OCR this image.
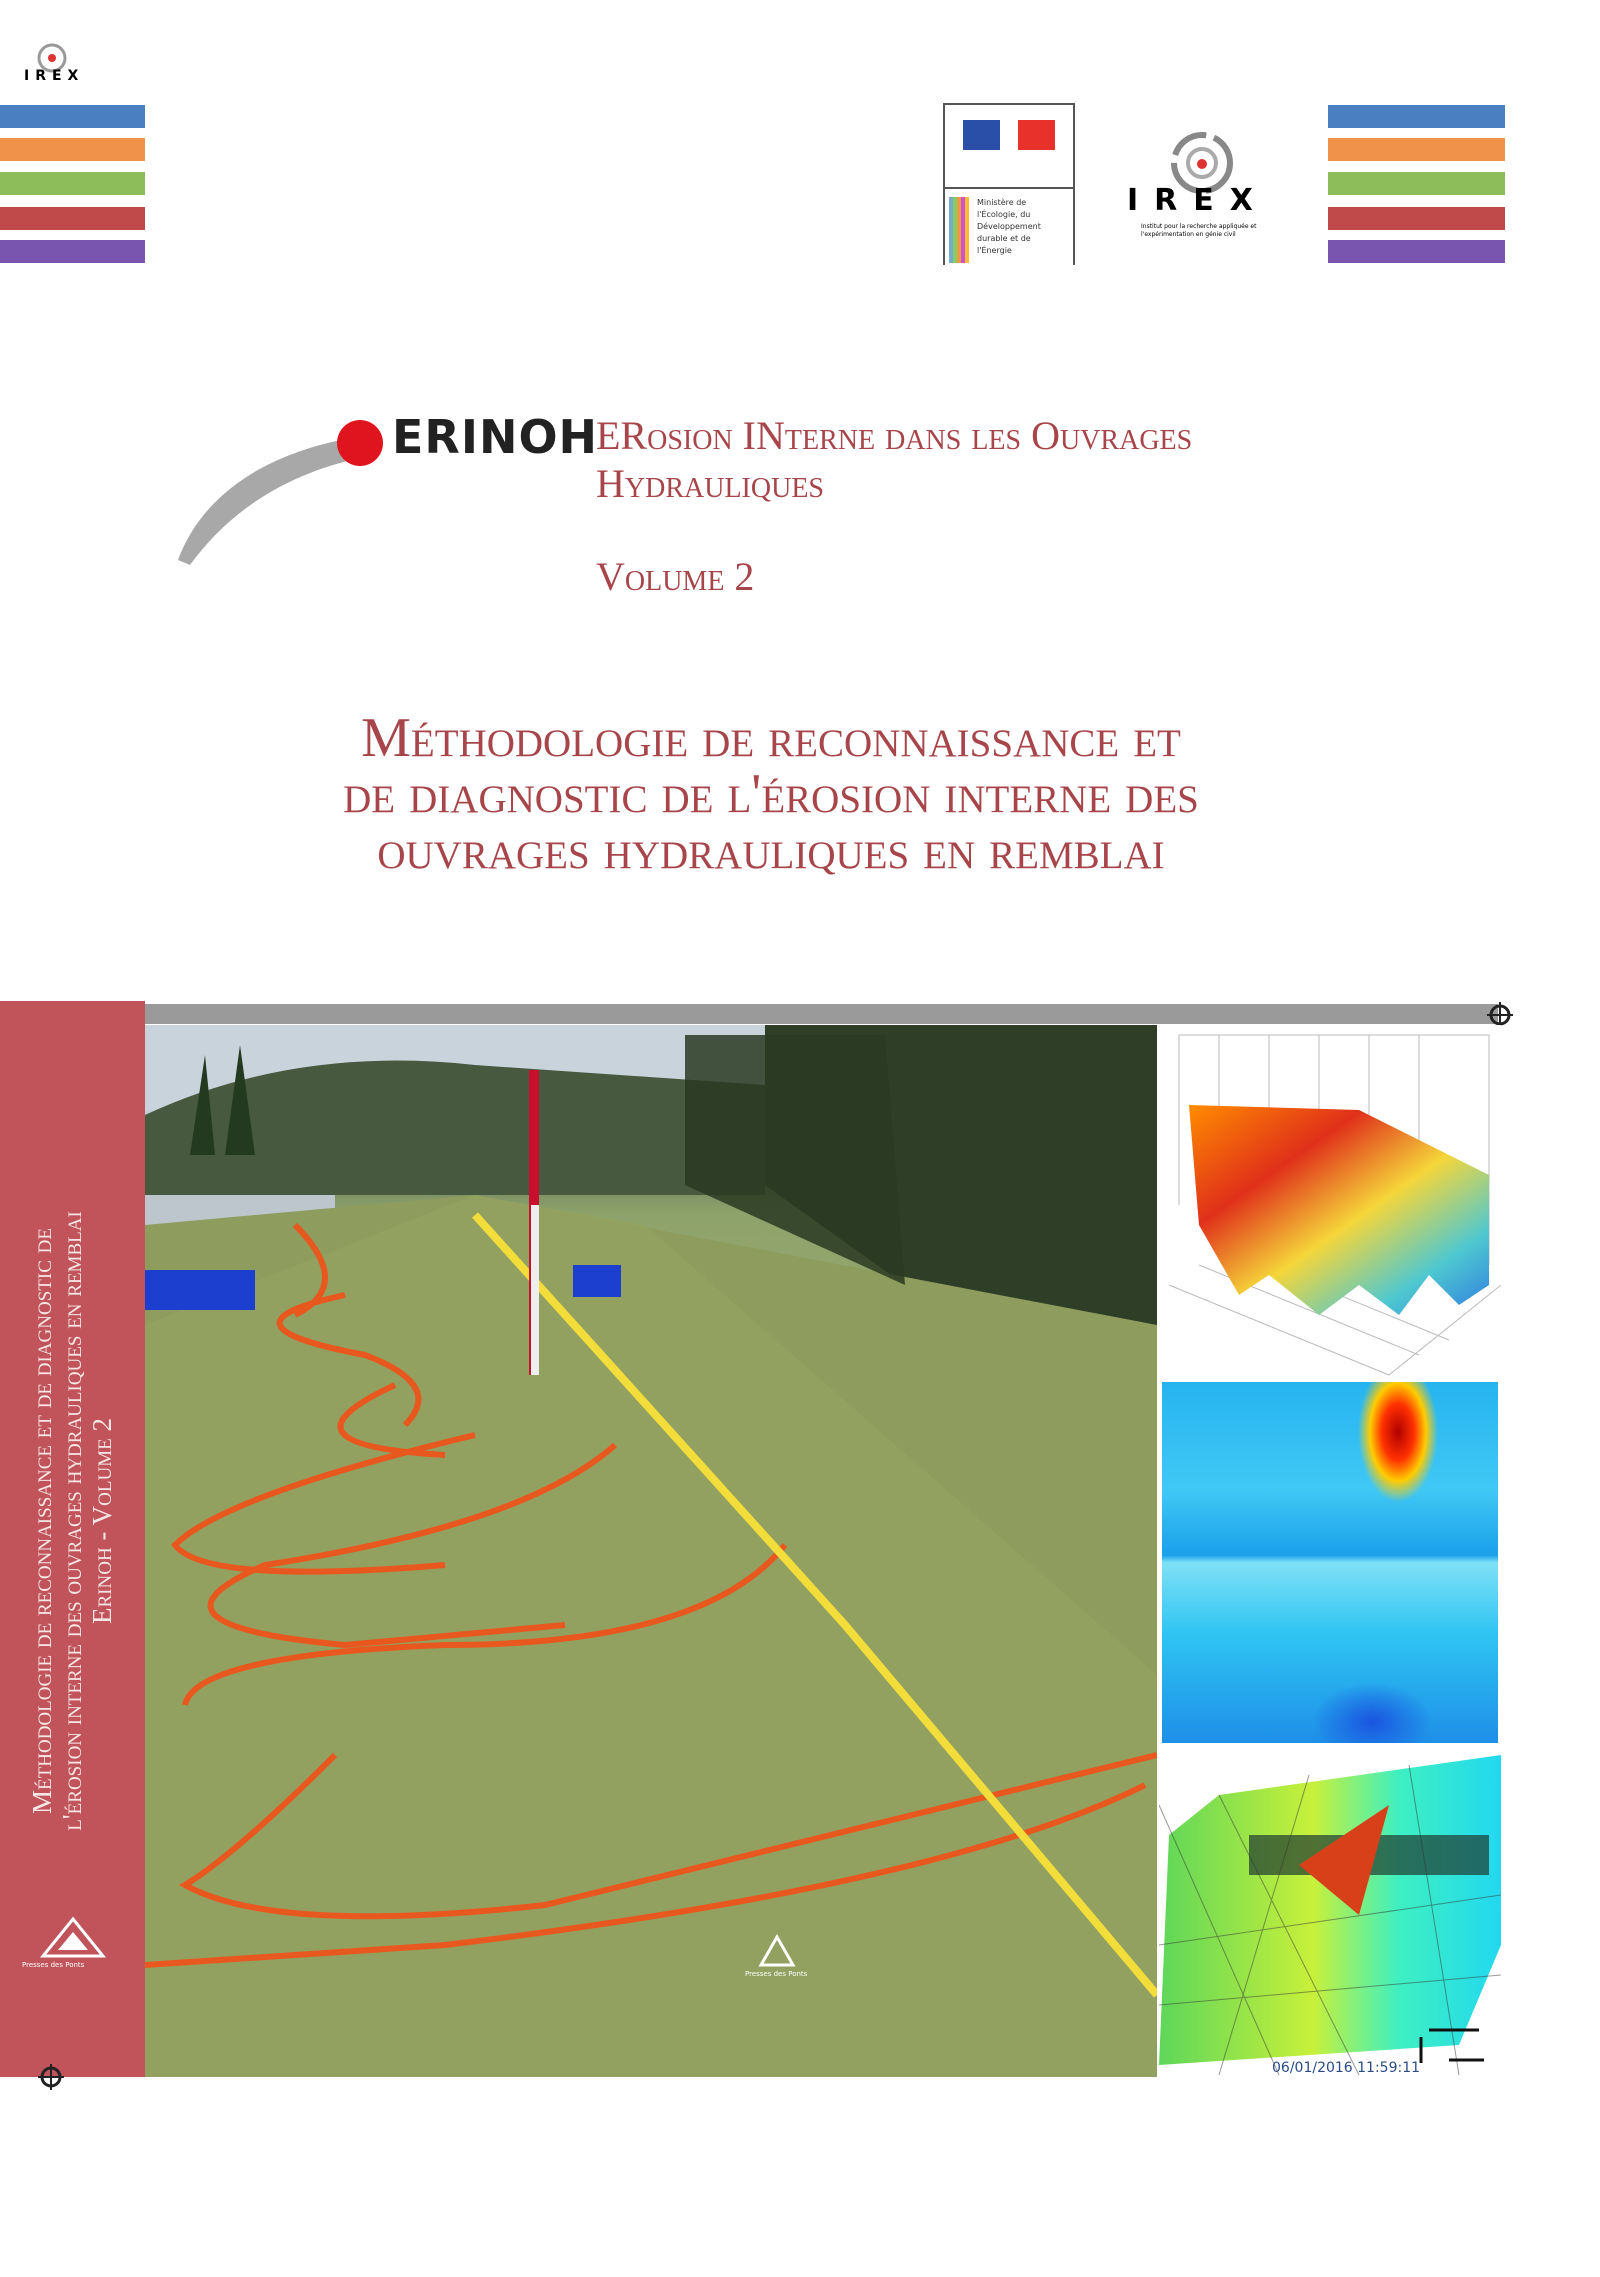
IREX
Ministère de l'Écologie, du Développement durable et de l'Énergie
IREX
Institut pour la recherche appliquée et l'expérimentation en génie civil
ERINOH
ERosion INterne dans les Ouvrages
Hydrauliques
Volume 2
Méthodologie de reconnaissance et
de diagnostic de l'érosion interne des
ouvrages hydrauliques en remblai
Méthodologie de reconnaissance et de diagnostic de l'érosion interne des ouvrages hydrauliques en remblai Erinoh - Volume 2
Presses des Ponts
Presses des Ponts
06/01/2016 11:59:11
